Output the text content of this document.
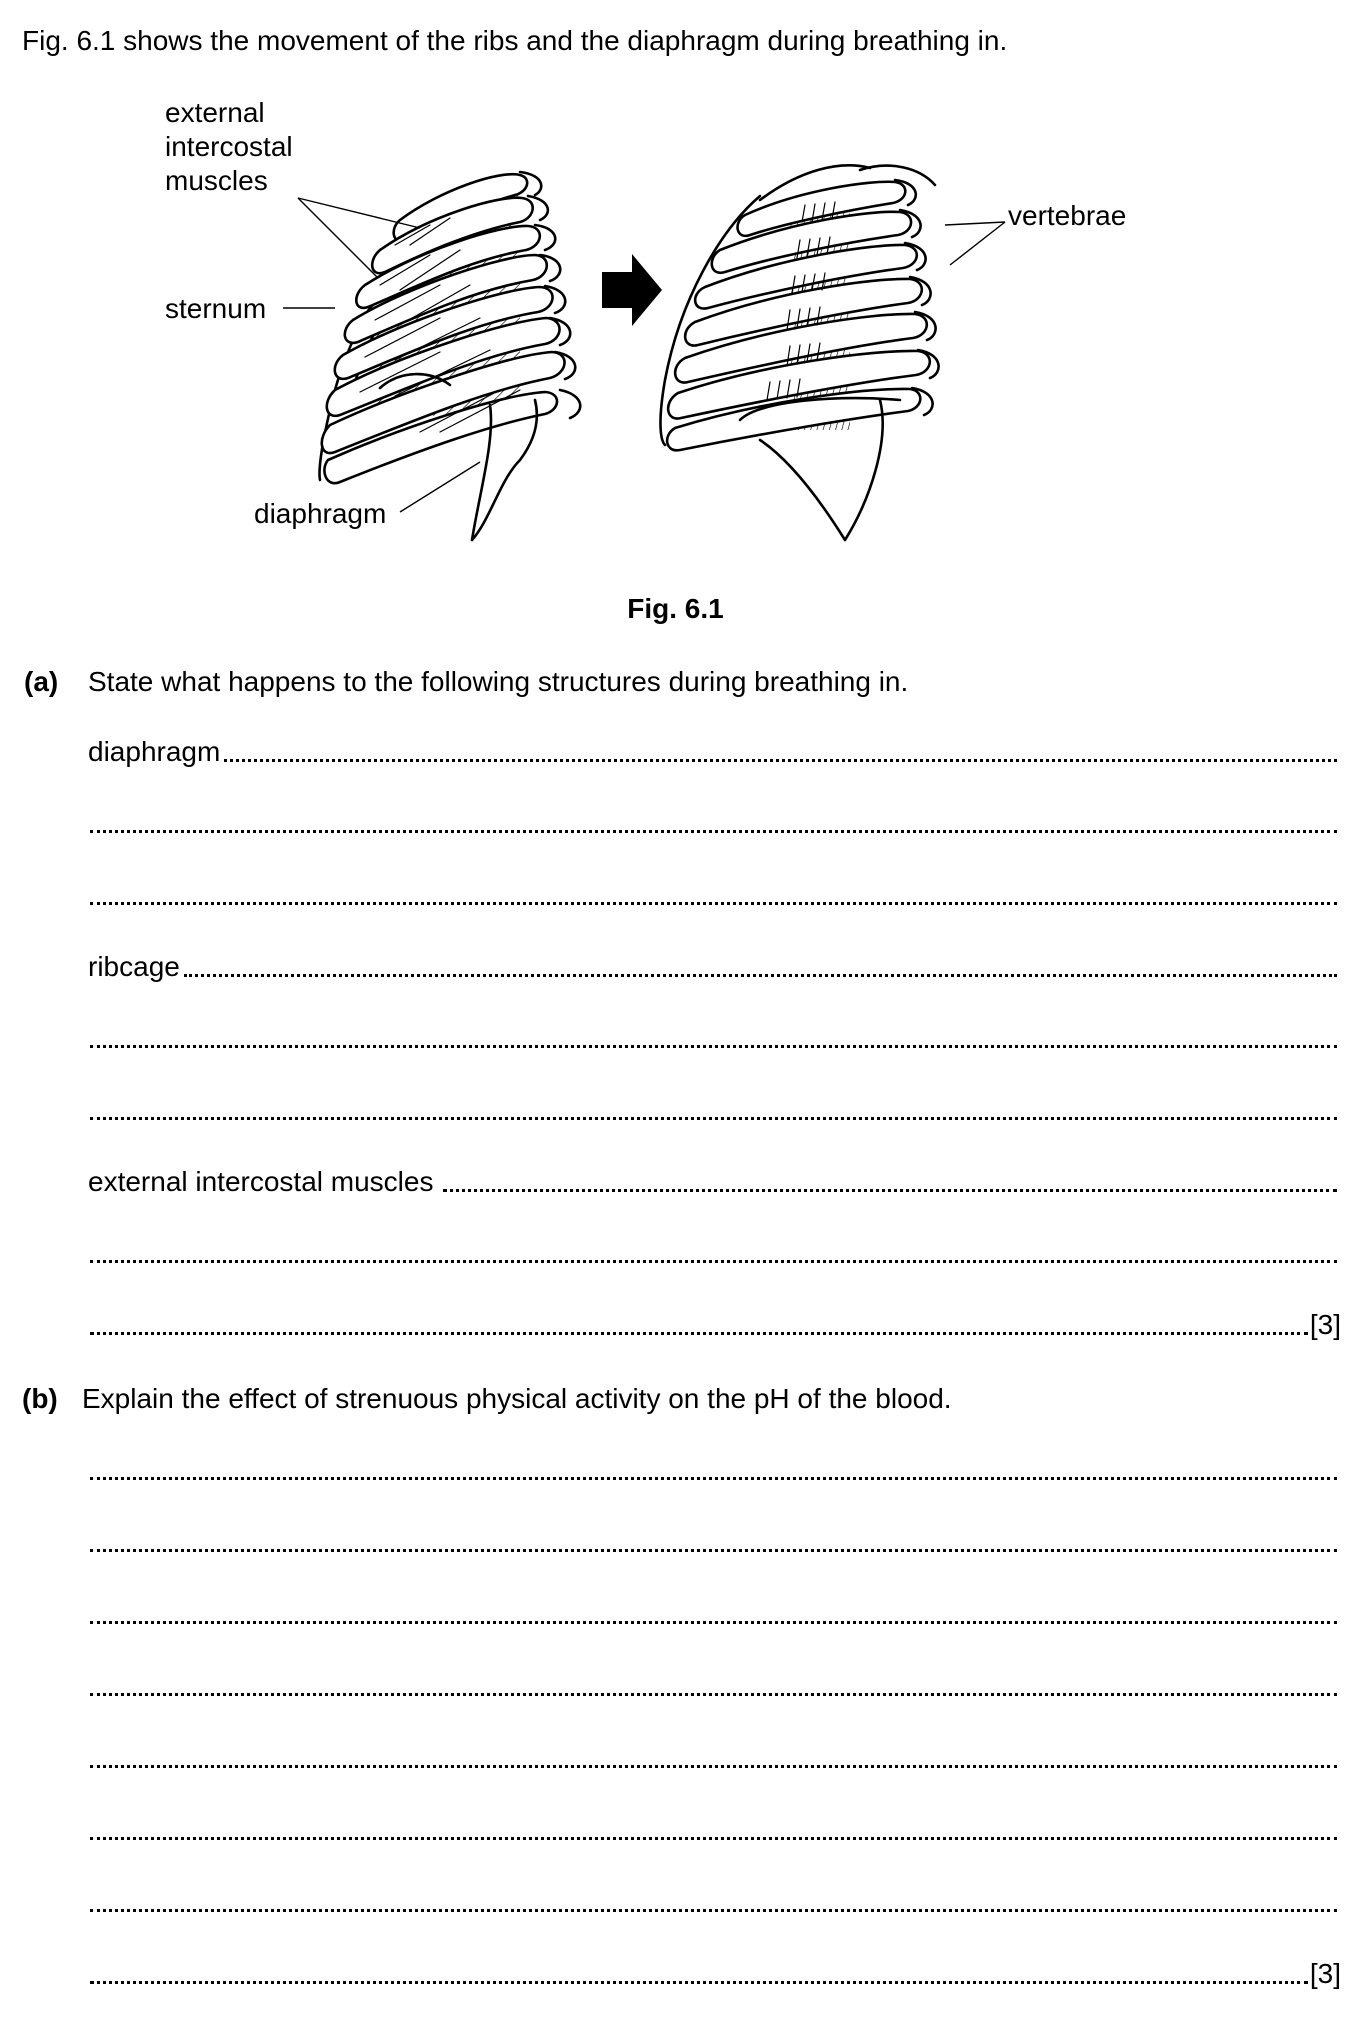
Fig. 6.1 shows the movement of the ribs and the diaphragm during breathing in.
external
intercostal
muscles
sternum
diaphragm
vertebrae
Fig. 6.1
(a) State what happens to the following structures during breathing in.
diaphragm
ribcage
external intercostal muscles
[3]
(b) Explain the effect of strenuous physical activity on the pH of the blood.
[3]
